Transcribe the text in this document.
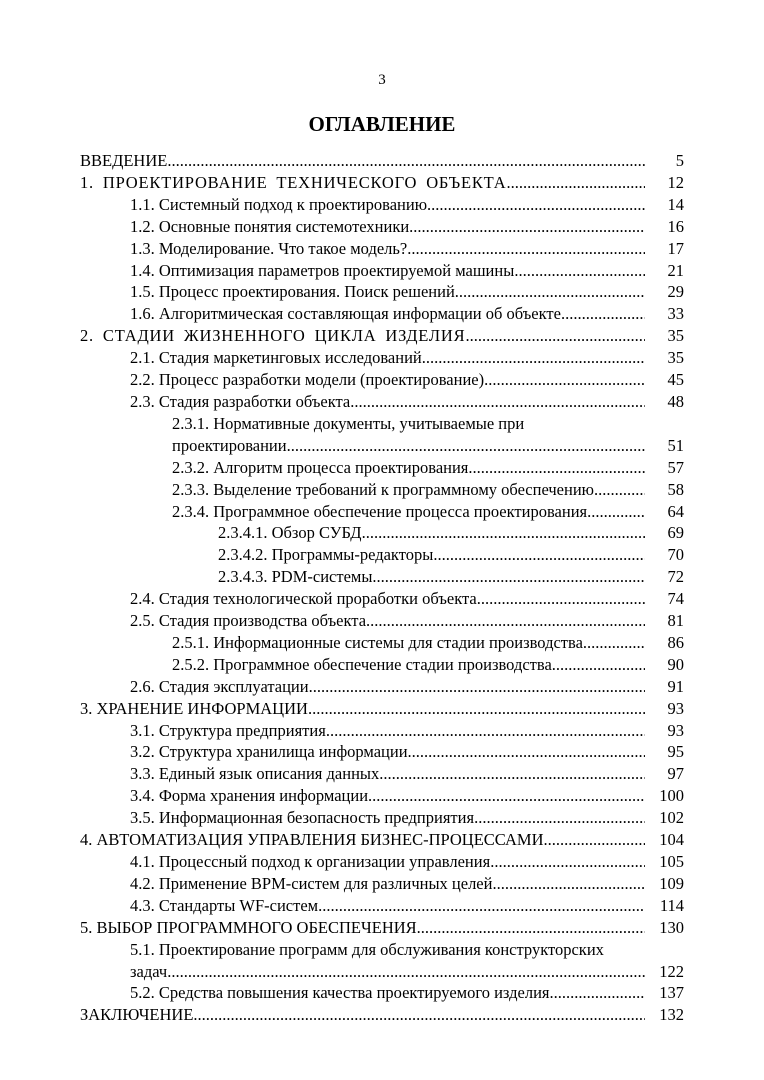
3
ОГЛАВЛЕНИЕ
ВВЕДЕНИЕ .....	5
1. ПРОЕКТИРОВАНИЕ ТЕХНИЧЕСКОГО ОБЪЕКТА .....	12
1.1. Системный подход к проектированию .....	14
1.2. Основные понятия системотехники .....	16
1.3. Моделирование. Что такое модель? .....	17
1.4. Оптимизация параметров проектируемой машины .....	21
1.5. Процесс проектирования. Поиск решений .....	29
1.6. Алгоритмическая составляющая информации об объекте .....	33
2. СТАДИИ ЖИЗНЕННОГО ЦИКЛА ИЗДЕЛИЯ .....	35
2.1. Стадия маркетинговых исследований .....	35
2.2. Процесс разработки модели (проектирование) .....	45
2.3. Стадия разработки объекта .....	48
2.3.1. Нормативные документы, учитываемые при
проектировании .....	51
2.3.2. Алгоритм процесса проектирования .....	57
2.3.3. Выделение требований к программному обеспечению .....	58
2.3.4. Программное обеспечение процесса проектирования .....	64
2.3.4.1. Обзор СУБД .....	69
2.3.4.2. Программы-редакторы .....	70
2.3.4.3. PDM-системы .....	72
2.4. Стадия технологической проработки объекта .....	74
2.5. Стадия производства объекта .....	81
2.5.1. Информационные системы для стадии производства .....	86
2.5.2. Программное обеспечение стадии производства .....	90
2.6. Стадия эксплуатации .....	91
3. ХРАНЕНИЕ ИНФОРМАЦИИ .....	93
3.1. Структура предприятия .....	93
3.2. Структура хранилища информации .....	95
3.3. Единый язык описания данных .....	97
3.4. Форма хранения информации .....	100
3.5. Информационная безопасность предприятия .....	102
4. АВТОМАТИЗАЦИЯ УПРАВЛЕНИЯ БИЗНЕС-ПРОЦЕССАМИ .....	104
4.1. Процессный подход к организации управления .....	105
4.2. Применение BPM-систем для различных целей .....	109
4.3. Стандарты WF-систем .....	114
5. ВЫБОР ПРОГРАММНОГО ОБЕСПЕЧЕНИЯ .....	130
5.1. Проектирование программ для обслуживания конструкторских
задач .....	122
5.2. Средства повышения качества проектируемого изделия .....	137
ЗАКЛЮЧЕНИЕ .....	132
